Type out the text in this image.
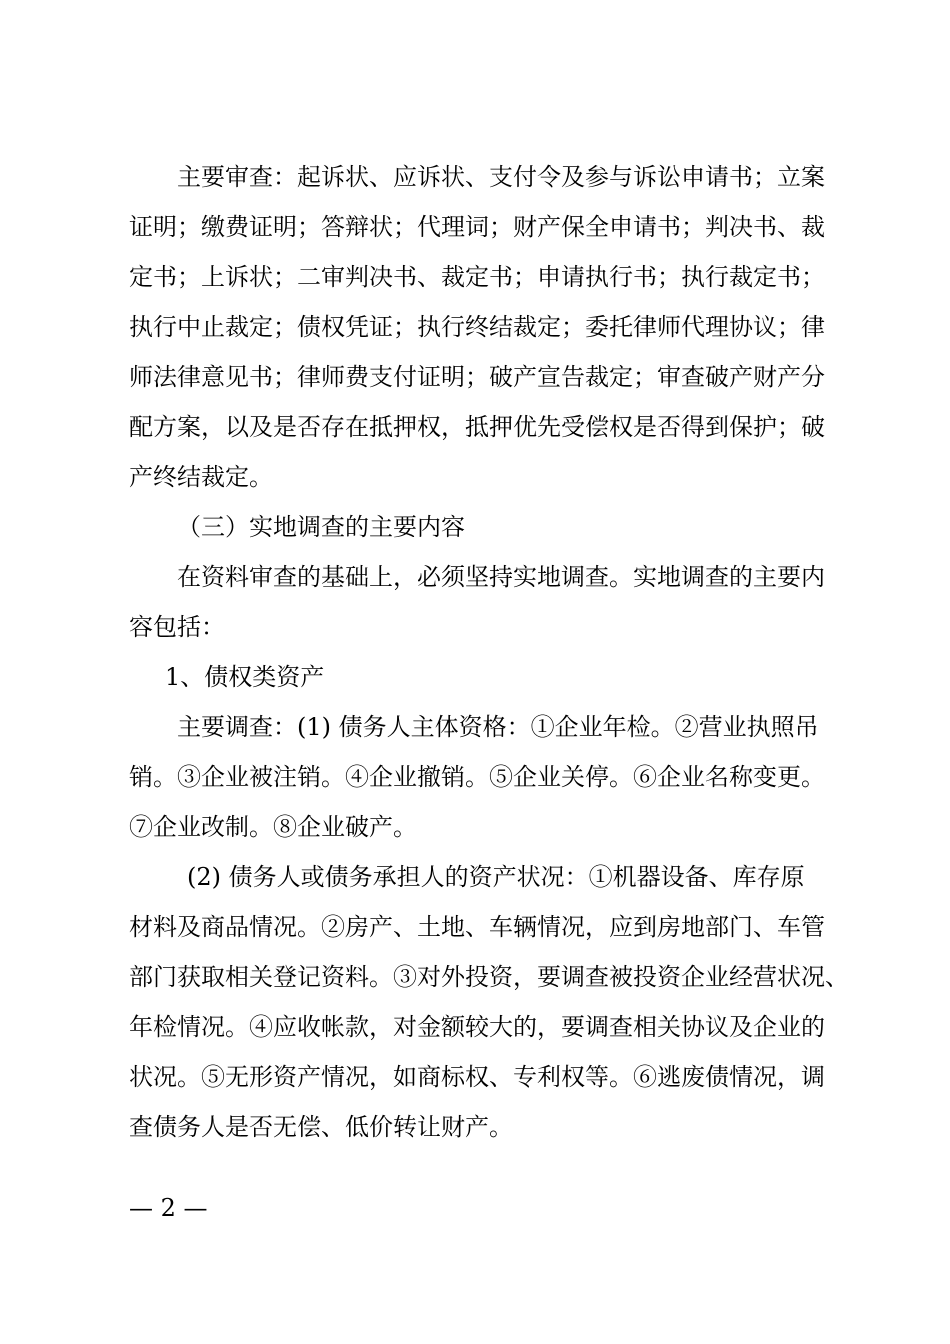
主要审查：起诉状、应诉状、支付令及参与诉讼申请书；立案
证明；缴费证明；答辩状；代理词；财产保全申请书；判决书、裁
定书；上诉状；二审判决书、裁定书；申请执行书；执行裁定书；
执行中止裁定；债权凭证；执行终结裁定；委托律师代理协议；律
师法律意见书；律师费支付证明；破产宣告裁定；审查破产财产分
配方案，以及是否存在抵押权，抵押优先受偿权是否得到保护；破
产终结裁定。
（三）实地调查的主要内容
在资料审查的基础上，必须坚持实地调查。实地调查的主要内
容包括：
1、债权类资产
主要调查：(1) 债务人主体资格：①企业年检。②营业执照吊
销。③企业被注销。④企业撤销。⑤企业关停。⑥企业名称变更。
⑦企业改制。⑧企业破产。
(2) 债务人或债务承担人的资产状况：①机器设备、库存原
材料及商品情况。②房产、土地、车辆情况，应到房地部门、车管
部门获取相关登记资料。③对外投资，要调查被投资企业经营状况、
年检情况。④应收帐款，对金额较大的，要调查相关协议及企业的
状况。⑤无形资产情况，如商标权、专利权等。⑥逃废债情况，调
查债务人是否无偿、低价转让财产。
— 2 —
